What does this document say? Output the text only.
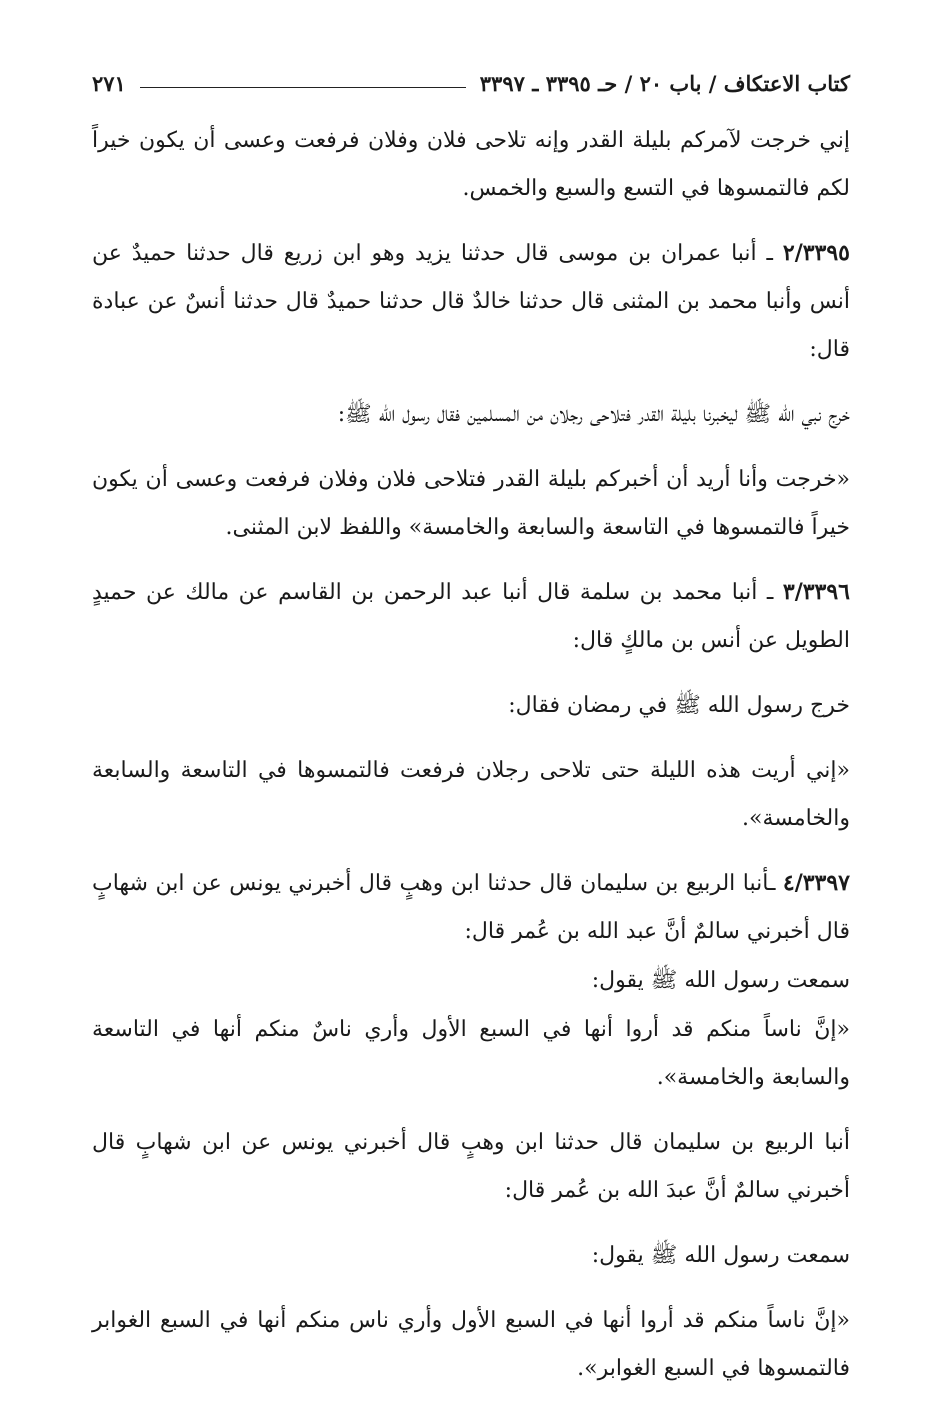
كتاب الاعتكاف / باب ٢٠ / حـ ٣٣٩٥ ـ ٣٣٩٧
٢٧١

إني خرجت لآمركم بليلة القدر وإنه تلاحى فلان وفلان فرفعت وعسى أن يكون خيراً لكم فالتمسوها في التسع والسبع والخمس.

٢/٣٣٩٥ ـ أنبا عمران بن موسى قال حدثنا يزيد وهو ابن زريع قال حدثنا حميدٌ عن أنس وأنبا محمد بن المثنى قال حدثنا خالدٌ قال حدثنا حميدٌ قال حدثنا أنسٌ عن عبادة قال:

خرج نبي الله ﷺ ليخبرنا بليلة القدر فتلاحى رجلان من المسلمين فقال رسول الله ﷺ:

«خرجت وأنا أريد أن أخبركم بليلة القدر فتلاحى فلان وفلان فرفعت وعسى أن يكون خيراً فالتمسوها في التاسعة والسابعة والخامسة» واللفظ لابن المثنى.

٣/٣٣٩٦ ـ أنبا محمد بن سلمة قال أنبا عبد الرحمن بن القاسم عن مالك عن حميدٍ الطويل عن أنس بن مالكٍ قال:

خرج رسول الله ﷺ في رمضان فقال:

«إني أريت هذه الليلة حتى تلاحى رجلان فرفعت فالتمسوها في التاسعة والسابعة والخامسة».

٤/٣٣٩٧ ـأنبا الربيع بن سليمان قال حدثنا ابن وهبٍ قال أخبرني يونس عن ابن شهابٍ قال أخبرني سالمٌ أنَّ عبد الله بن عُمر قال:

سمعت رسول الله ﷺ يقول:

«إنَّ ناساً منكم قد أروا أنها في السبع الأول وأري ناسٌ منكم أنها في التاسعة والسابعة والخامسة».

أنبا الربيع بن سليمان قال حدثنا ابن وهبٍ قال أخبرني يونس عن ابن شهابٍ قال أخبرني سالمٌ أنَّ عبدَ الله بن عُمر قال:

سمعت رسول الله ﷺ يقول:

«إنَّ ناساً منكم قد أروا أنها في السبع الأول وأري ناس منكم أنها في السبع الغوابر فالتمسوها في السبع الغوابر».
